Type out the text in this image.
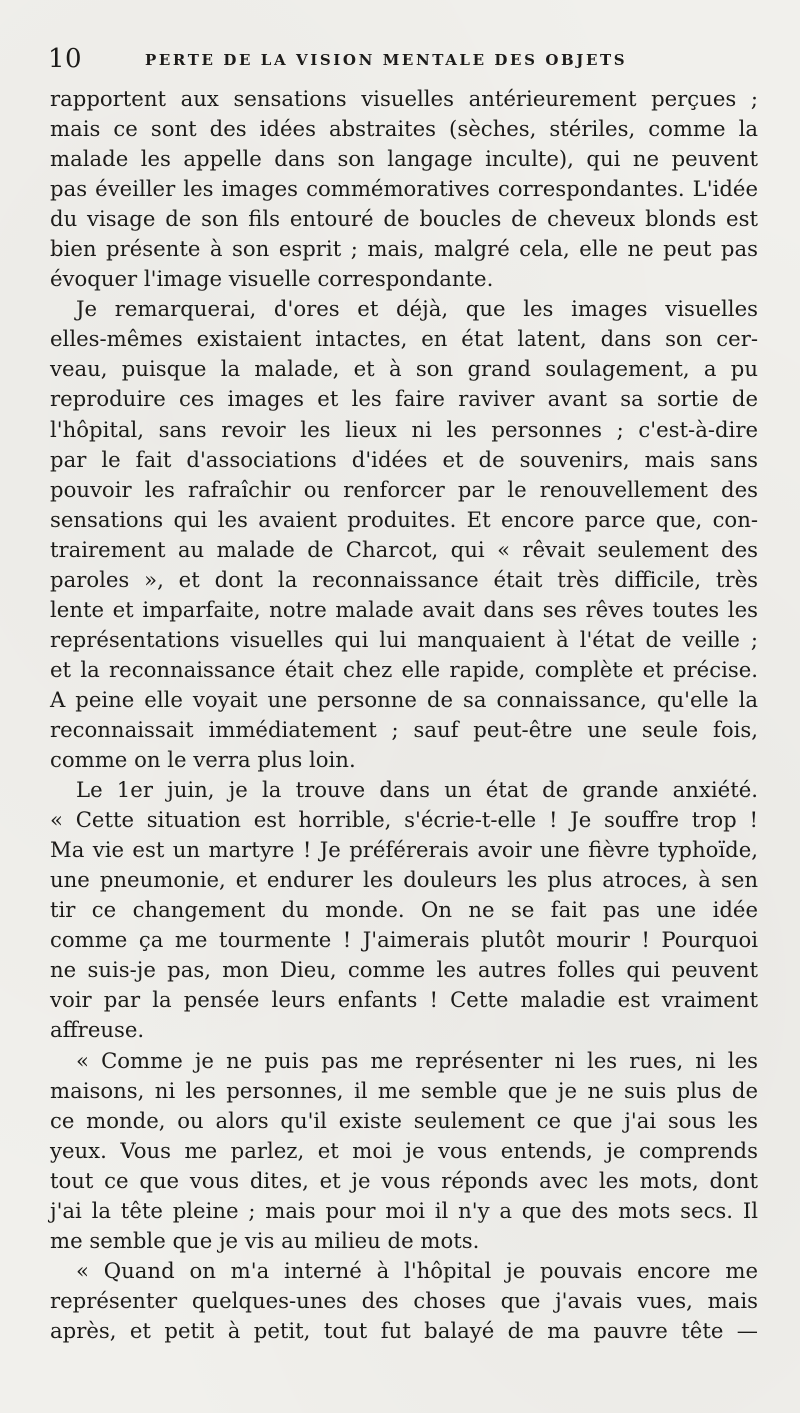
10	PERTE DE LA VISION MENTALE DES OBJETS
rapportent aux sensations visuelles antérieurement perçues ;
mais ce sont des idées abstraites (sèches, stériles, comme la
malade les appelle dans son langage inculte), qui ne peuvent
pas éveiller les images commémoratives correspondantes. L'idée
du visage de son fils entouré de boucles de cheveux blonds est
bien présente à son esprit ; mais, malgré cela, elle ne peut pas
évoquer l'image visuelle correspondante.
Je remarquerai, d'ores et déjà, que les images visuelles
elles-mêmes existaient intactes, en état latent, dans son cer-
veau, puisque la malade, et à son grand soulagement, a pu
reproduire ces images et les faire raviver avant sa sortie de
l'hôpital, sans revoir les lieux ni les personnes ; c'est-à-dire
par le fait d'associations d'idées et de souvenirs, mais sans
pouvoir les rafraîchir ou renforcer par le renouvellement des
sensations qui les avaient produites. Et encore parce que, con-
trairement au malade de Charcot, qui « rêvait seulement des
paroles », et dont la reconnaissance était très difficile, très
lente et imparfaite, notre malade avait dans ses rêves toutes les
représentations visuelles qui lui manquaient à l'état de veille ;
et la reconnaissance était chez elle rapide, complète et précise.
A peine elle voyait une personne de sa connaissance, qu'elle la
reconnaissait immédiatement ; sauf peut-être une seule fois,
comme on le verra plus loin.
Le 1er juin, je la trouve dans un état de grande anxiété.
« Cette situation est horrible, s'écrie-t-elle ! Je souffre trop !
Ma vie est un martyre ! Je préférerais avoir une fièvre typhoïde,
une pneumonie, et endurer les douleurs les plus atroces, à sen
tir ce changement du monde. On ne se fait pas une idée
comme ça me tourmente ! J'aimerais plutôt mourir ! Pourquoi
ne suis-je pas, mon Dieu, comme les autres folles qui peuvent
voir par la pensée leurs enfants ! Cette maladie est vraiment
affreuse.
« Comme je ne puis pas me représenter ni les rues, ni les
maisons, ni les personnes, il me semble que je ne suis plus de
ce monde, ou alors qu'il existe seulement ce que j'ai sous les
yeux. Vous me parlez, et moi je vous entends, je comprends
tout ce que vous dites, et je vous réponds avec les mots, dont
j'ai la tête pleine ; mais pour moi il n'y a que des mots secs. Il
me semble que je vis au milieu de mots.
« Quand on m'a interné à l'hôpital je pouvais encore me
représenter quelques-unes des choses que j'avais vues, mais
après, et petit à petit, tout fut balayé de ma pauvre tête —
